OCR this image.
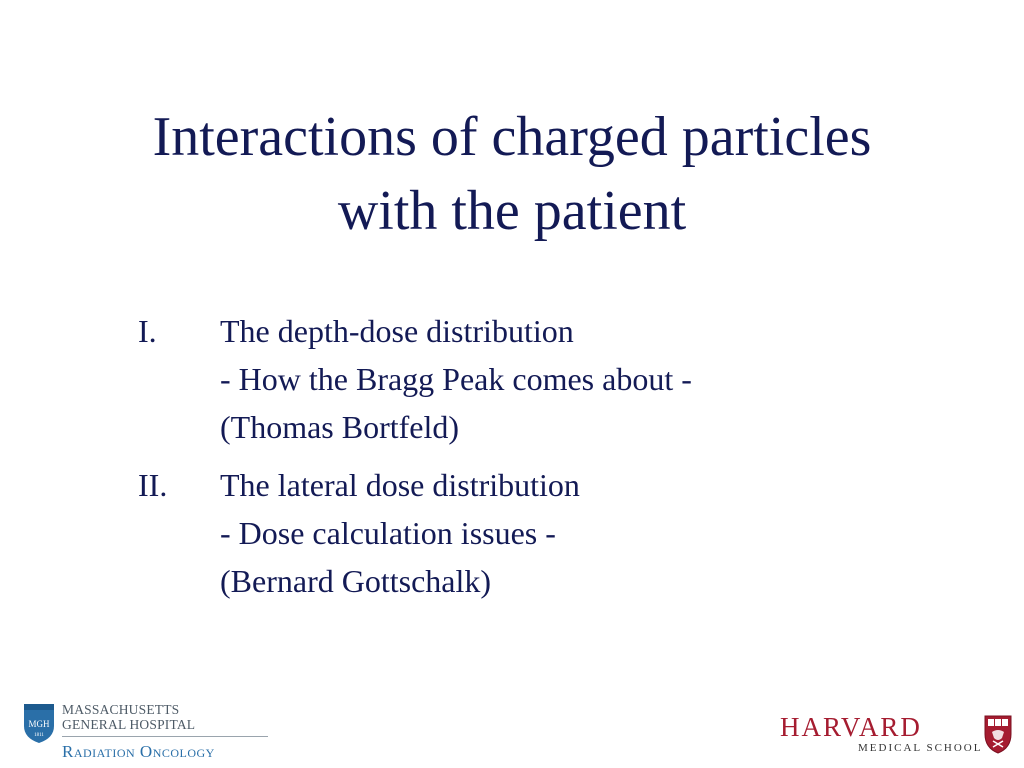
Interactions of charged particles
with the patient
I.	The depth-dose distribution
- How the Bragg Peak comes about -
(Thomas Bortfeld)
II.	The lateral dose distribution
- Dose calculation issues -
(Bernard Gottschalk)
MGH
1811
MASSACHUSETTS
GENERAL HOSPITAL
Radiation Oncology
HARVARD
MEDICAL SCHOOL
